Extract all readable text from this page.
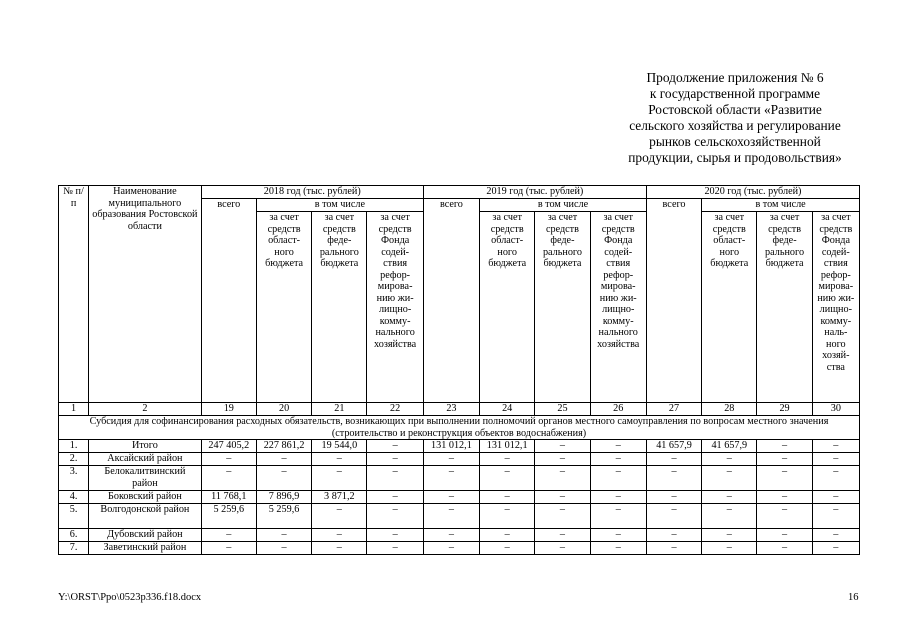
Продолжение приложения № 6
к государственной программе
Ростовской области «Развитие
сельского хозяйства и регулирование
рынков сельскохозяйственной
продукции, сырья и продовольствия»
№ п/п	Наименование муниципального образования Ростовской области	2018 год (тыс. рублей)				2019 год (тыс. рублей)				2020 год (тыс. рублей)			
		всего	в том числе			всего	в том числе			всего	в том числе		
			за счет средств област-ного бюджета	за счет средств феде-рального бюджета	за счет средств Фонда содей-ствия рефор-мирова-нию жи-лищно-комму-нального хозяйства		за счет средств област-ного бюджета	за счет средств феде-рального бюджета	за счет средств Фонда содей-ствия рефор-мирова-нию жи-лищно-комму-нального хозяйства		за счет средств област-ного бюджета	за счет средств феде-рального бюджета	за счет средств Фонда содей-ствия рефор-мирова-нию жи-лищно-комму-наль-ного хозяй-ства
1	2	19	20	21	22	23	24	25	26	27	28	29	30
Субсидия для софинансирования расходных обязательств, возникающих при выполнении полномочий органов местного самоуправления по вопросам местного значения (строительство и реконструкция объектов водоснабжения)													
1.	Итого	247 405,2	227 861,2	19 544,0	–	131 012,1	131 012,1	–	–	41 657,9	41 657,9	–	–
2.	Аксайский район	–	–	–	–	–	–	–	–	–	–	–	–
3.	Белокалитвинский район	–	–	–	–	–	–	–	–	–	–	–	–
4.	Боковский район	11 768,1	7 896,9	3 871,2	–	–	–	–	–	–	–	–	–
5.	Волгодонской район	5 259,6	5 259,6	–	–	–	–	–	–	–	–	–	–
6.	Дубовский район	–	–	–	–	–	–	–	–	–	–	–	–
7.	Заветинский район	–	–	–	–	–	–	–	–	–	–	–	–
Y:\ORST\Ppo\0523p336.f18.docx	16
